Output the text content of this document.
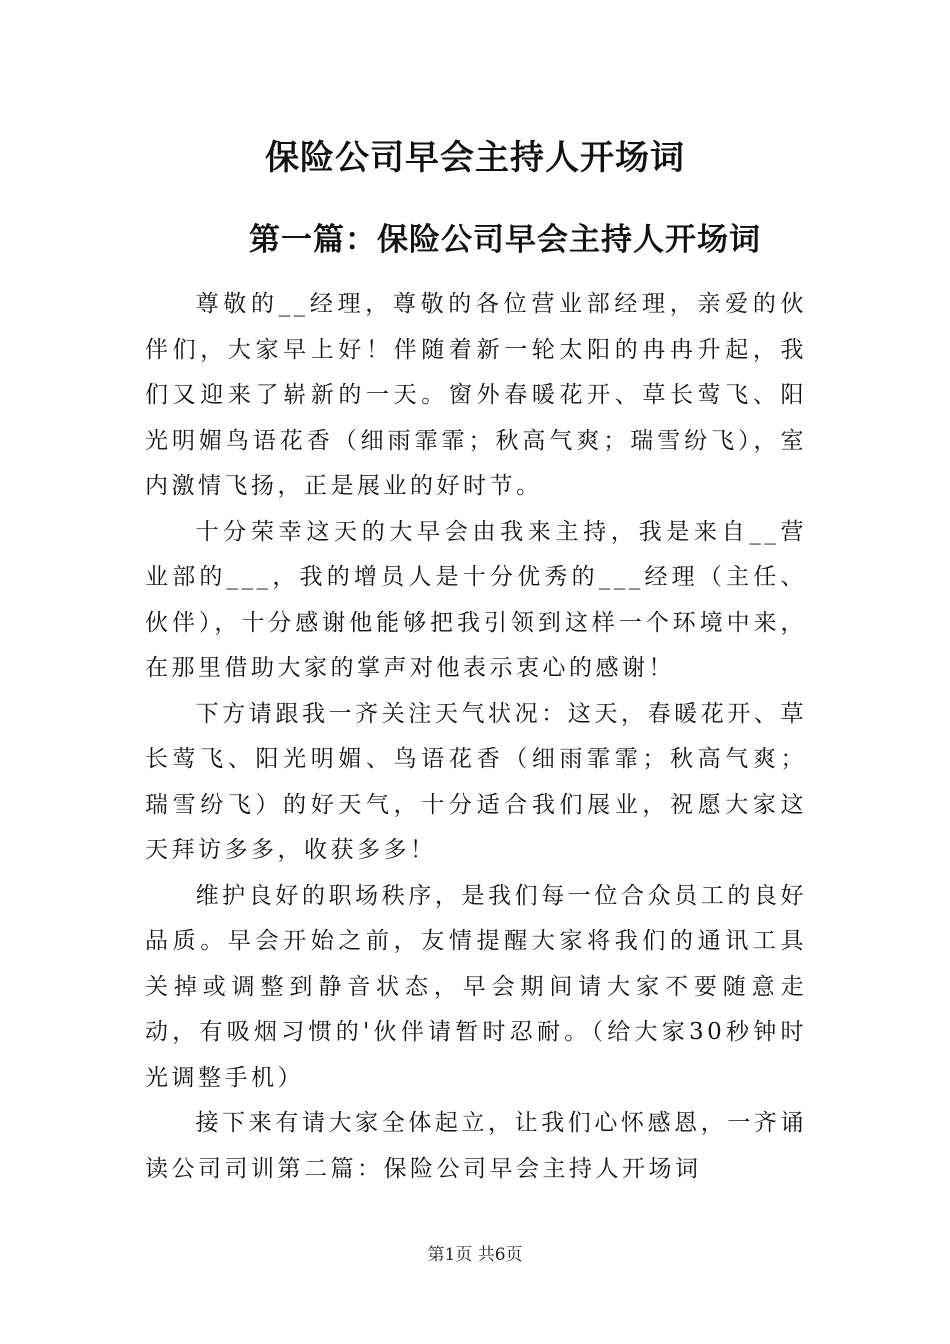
保险公司早会主持人开场词
第一篇：保险公司早会主持人开场词

尊敬的__经理，尊敬的各位营业部经理，亲爱的伙伴们，大家早上好！伴随着新一轮太阳的冉冉升起，我们又迎来了崭新的一天。窗外春暖花开、草长莺飞、阳光明媚鸟语花香（细雨霏霏；秋高气爽；瑞雪纷飞），室内激情飞扬，正是展业的好时节。

十分荣幸这天的大早会由我来主持，我是来自__营业部的___，我的增员人是十分优秀的___经理（主任、伙伴），十分感谢他能够把我引领到这样一个环境中来，在那里借助大家的掌声对他表示衷心的感谢！

下方请跟我一齐关注天气状况：这天，春暖花开、草长莺飞、阳光明媚、鸟语花香（细雨霏霏；秋高气爽；瑞雪纷飞）的好天气，十分适合我们展业，祝愿大家这天拜访多多，收获多多！

维护良好的职场秩序，是我们每一位合众员工的良好品质。早会开始之前，友情提醒大家将我们的通讯工具关掉或调整到静音状态，早会期间请大家不要随意走动，有吸烟习惯的'伙伴请暂时忍耐。（给大家30秒钟时光调整手机）

接下来有请大家全体起立，让我们心怀感恩，一齐诵读公司司训第二篇：保险公司早会主持人开场词

第1页 共6页
